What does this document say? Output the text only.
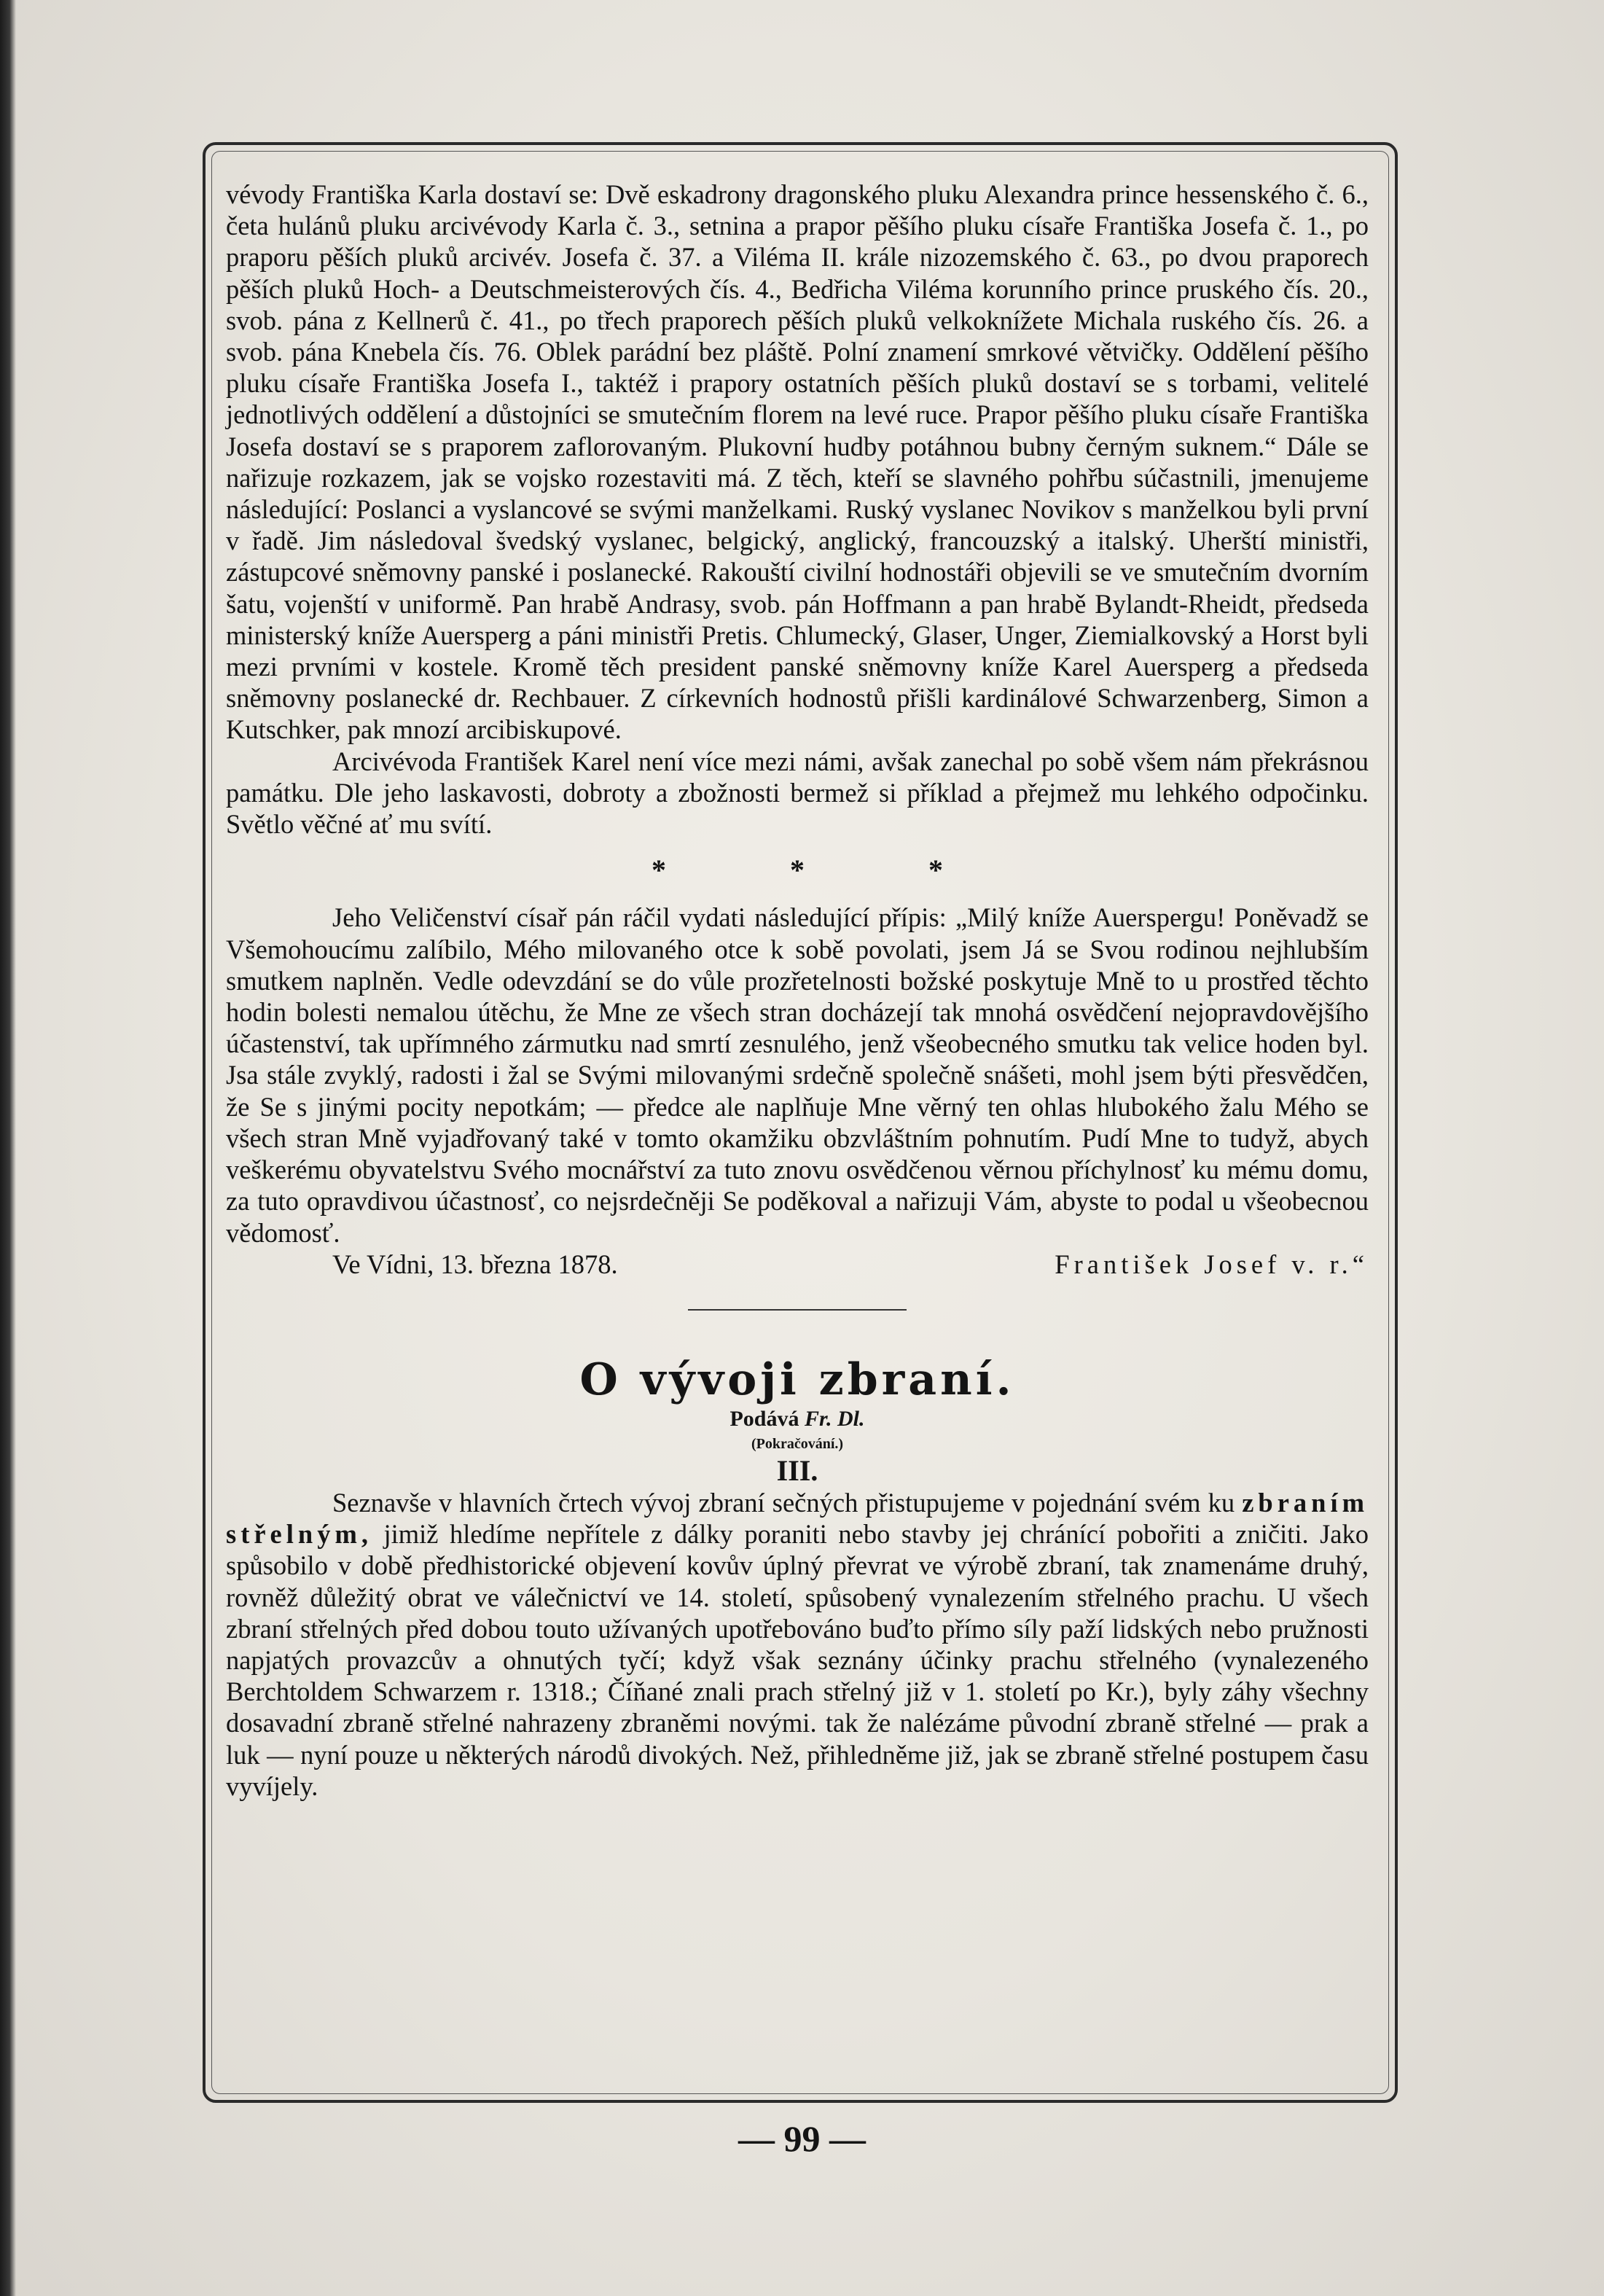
vévody Františka Karla dostaví se: Dvě eskadrony dragonského pluku Alexandra prince hessenského č. 6., četa hulánů pluku arcivévody Karla č. 3., setnina a prapor pěšího pluku císaře Františka Josefa č. 1., po praporu pěších pluků arcivév. Josefa č. 37. a Viléma II. krále nizozemského č. 63., po dvou praporech pěších pluků Hoch- a Deutschmeisterových čís. 4., Bedřicha Viléma korunního prince pruského čís. 20., svob. pána z Kellnerů č. 41., po třech praporech pěších pluků velkoknížete Michala ruského čís. 26. a svob. pána Knebela čís. 76. Oblek parádní bez pláště. Polní znamení smrkové větvičky. Oddělení pěšího pluku císaře Františka Josefa I., taktéž i prapory ostatních pěších pluků dostaví se s torbami, velitelé jednotlivých oddělení a důstojníci se smutečním florem na levé ruce. Prapor pěšího pluku císaře Františka Josefa dostaví se s praporem zaflorovaným. Plukovní hudby potáhnou bubny černým suknem.“ Dále se nařizuje rozkazem, jak se vojsko rozestaviti má. Z těch, kteří se slavného pohřbu súčastnili, jmenujeme následující: Poslanci a vyslancové se svými manželkami. Ruský vyslanec Novikov s manželkou byli první v řadě. Jim následoval švedský vyslanec, belgický, anglický, francouzský a italský. Uherští ministři, zástupcové sněmovny panské i poslanecké. Rakouští civilní hodnostáři objevili se ve smutečním dvorním šatu, vojenští v uniformě. Pan hrabě Andrasy, svob. pán Hoffmann a pan hrabě Bylandt-Rheidt, předseda ministerský kníže Auersperg a páni ministři Pretis. Chlumecký, Glaser, Unger, Ziemialkovský a Horst byli mezi prvními v kostele. Kromě těch president panské sněmovny kníže Karel Auersperg a předseda sněmovny poslanecké dr. Rechbauer. Z církevních hodnostů přišli kardinálové Schwarzenberg, Simon a Kutschker, pak mnozí arcibiskupové.

Arcivévoda František Karel není více mezi námi, avšak zanechal po sobě všem nám překrásnou památku. Dle jeho laskavosti, dobroty a zbožnosti bermež si příklad a přejmež mu lehkého odpočinku. Světlo věčné ať mu svítí.

* * *

Jeho Veličenství císař pán ráčil vydati následující přípis: „Milý kníže Auerspergu! Poněvadž se Všemohoucímu zalíbilo, Mého milovaného otce k sobě povolati, jsem Já se Svou rodinou nejhlubším smutkem naplněn. Vedle odevzdání se do vůle prozřetelnosti božské poskytuje Mně to u prostřed těchto hodin bolesti nemalou útěchu, že Mne ze všech stran docházejí tak mnohá osvědčení nejopravdovějšího účastenství, tak upřímného zármutku nad smrtí zesnulého, jenž všeobecného smutku tak velice hoden byl. Jsa stále zvyklý, radosti i žal se Svými milovanými srdečně společně snášeti, mohl jsem býti přesvědčen, že Se s jinými pocity nepotkám; — předce ale naplňuje Mne věrný ten ohlas hlubokého žalu Mého se všech stran Mně vyjadřovaný také v tomto okamžiku obzvláštním pohnutím. Pudí Mne to tudyž, abych veškerému obyvatelstvu Svého mocnářství za tuto znovu osvědčenou věrnou příchylnosť ku mému domu, za tuto opravdivou účastnosť, co nejsrdečněji Se poděkoval a nařizuji Vám, abyste to podal u všeobecnou vědomosť.

Ve Vídni, 13. března 1878.	František Josef v. r.“
O vývoji zbraní.
Podává Fr. Dl.
(Pokračování.)
III.

Seznavše v hlavních črtech vývoj zbraní sečných přistupujeme v pojednání svém ku zbraním střelným, jimiž hledíme nepřítele z dálky poraniti nebo stavby jej chránící pobořiti a zničiti. Jako spůsobilo v době předhistorické objevení kovův úplný převrat ve výrobě zbraní, tak znamenáme druhý, rovněž důležitý obrat ve válečnictví ve 14. století, spůsobený vynalezením střelného prachu. U všech zbraní střelných před dobou touto užívaných upotřebováno buďto přímo síly paží lidských nebo pružnosti napjatých provazcův a ohnutých tyčí; když však seznány účinky prachu střelného (vynalezeného Berchtoldem Schwarzem r. 1318.; Číňané znali prach střelný již v 1. století po Kr.), byly záhy všechny dosavadní zbraně střelné nahrazeny zbraněmi novými. tak že nalézáme původní zbraně střelné — prak a luk — nyní pouze u některých národů divokých. Než, přihledněme již, jak se zbraně střelné postupem času vyvíjely.

— 99 —
